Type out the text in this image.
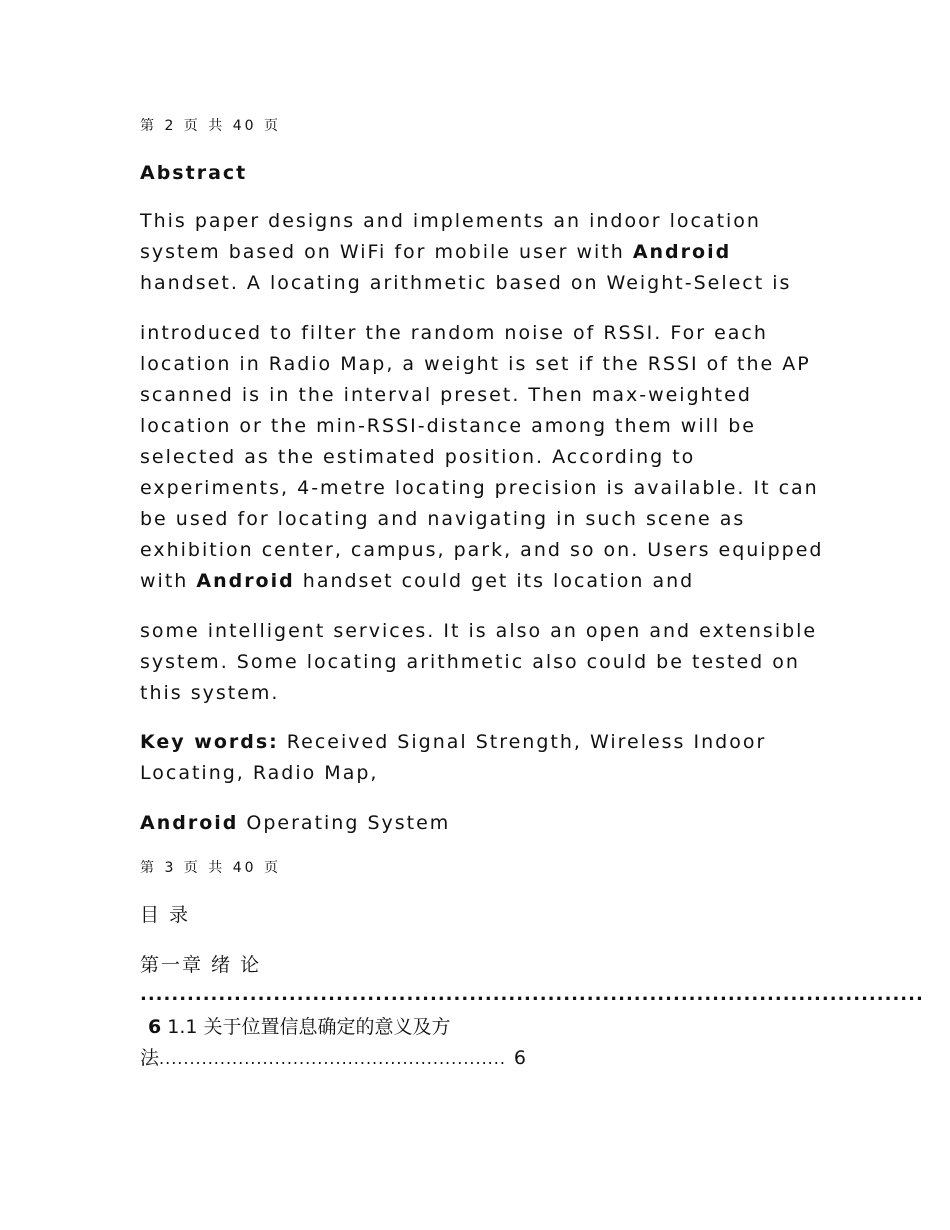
第 2 页 共 40 页
Abstract
This paper designs and implements an indoor location
system based on WiFi for mobile user with Android
handset. A locating arithmetic based on Weight-Select is
introduced to filter the random noise of RSSI. For each
location in Radio Map, a weight is set if the RSSI of the AP
scanned is in the interval preset. Then max-weighted
location or the min-RSSI-distance among them will be
selected as the estimated position. According to
experiments, 4-metre locating precision is available. It can
be used for locating and navigating in such scene as
exhibition center, campus, park, and so on. Users equipped
with Android handset could get its location and
some intelligent services. It is also an open and extensible
system. Some locating arithmetic also could be tested on
this system.
Key words: Received Signal Strength, Wireless Indoor
Locating, Radio Map,
Android Operating System
第 3 页 共 40 页
目 录
第一章 绪 论
....................................................................................................
6 1.1 关于位置信息确定的意义及方
法......................................................... 6
